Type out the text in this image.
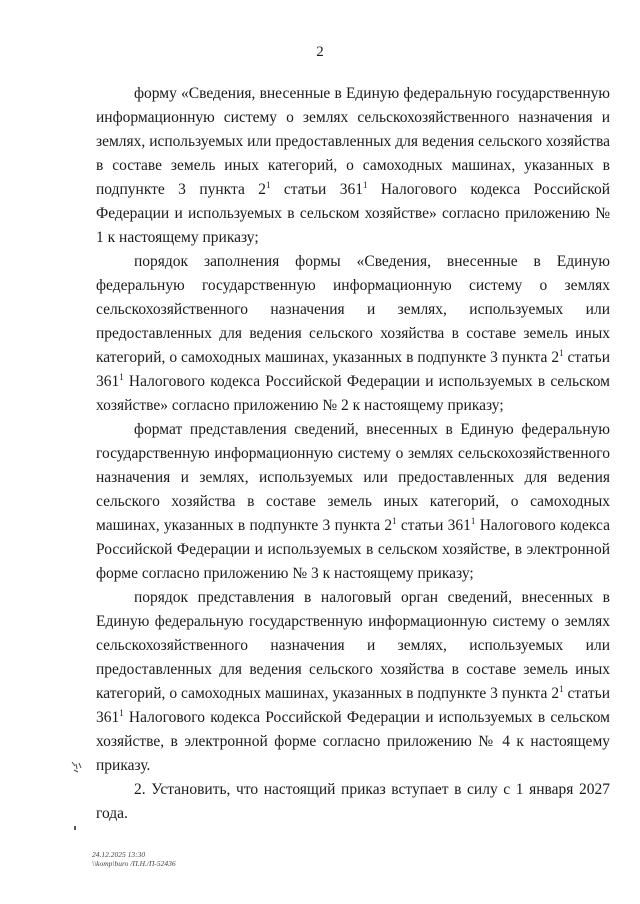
2

форму «Сведения, внесенные в Единую федеральную государственную информационную систему о землях сельскохозяйственного назначения и землях, используемых или предоставленных для ведения сельского хозяйства в составе земель иных категорий, о самоходных машинах, указанных в подпункте 3 пункта $2^1$ статьи $361^1$ Налогового кодекса Российской Федерации и используемых в сельском хозяйстве» согласно приложению № 1 к настоящему приказу;

порядок заполнения формы «Сведения, внесенные в Единую федеральную государственную информационную систему о землях сельскохозяйственного назначения и землях, используемых или предоставленных для ведения сельского хозяйства в составе земель иных категорий, о самоходных машинах, указанных в подпункте 3 пункта $2^1$ статьи $361^1$ Налогового кодекса Российской Федерации и используемых в сельском хозяйстве» согласно приложению № 2 к настоящему приказу;

формат представления сведений, внесенных в Единую федеральную государственную информационную систему о землях сельскохозяйственного назначения и землях, используемых или предоставленных для ведения сельского хозяйства в составе земель иных категорий, о самоходных машинах, указанных в подпункте 3 пункта $2^1$ статьи $361^1$ Налогового кодекса Российской Федерации и используемых в сельском хозяйстве, в электронной форме согласно приложению № 3 к настоящему приказу;

порядок представления в налоговый орган сведений, внесенных в Единую федеральную государственную информационную систему о землях сельскохозяйственного назначения и землях, используемых или предоставленных для ведения сельского хозяйства в составе земель иных категорий, о самоходных машинах, указанных в подпункте 3 пункта $2^1$ статьи $361^1$ Налогового кодекса Российской Федерации и используемых в сельском хозяйстве, в электронной форме согласно приложению № 4 к настоящему приказу.

2. Установить, что настоящий приказ вступает в силу с 1 января 2027 года.

24.12.2025 13:30
\\komp\buro /П.Н./П-52436
